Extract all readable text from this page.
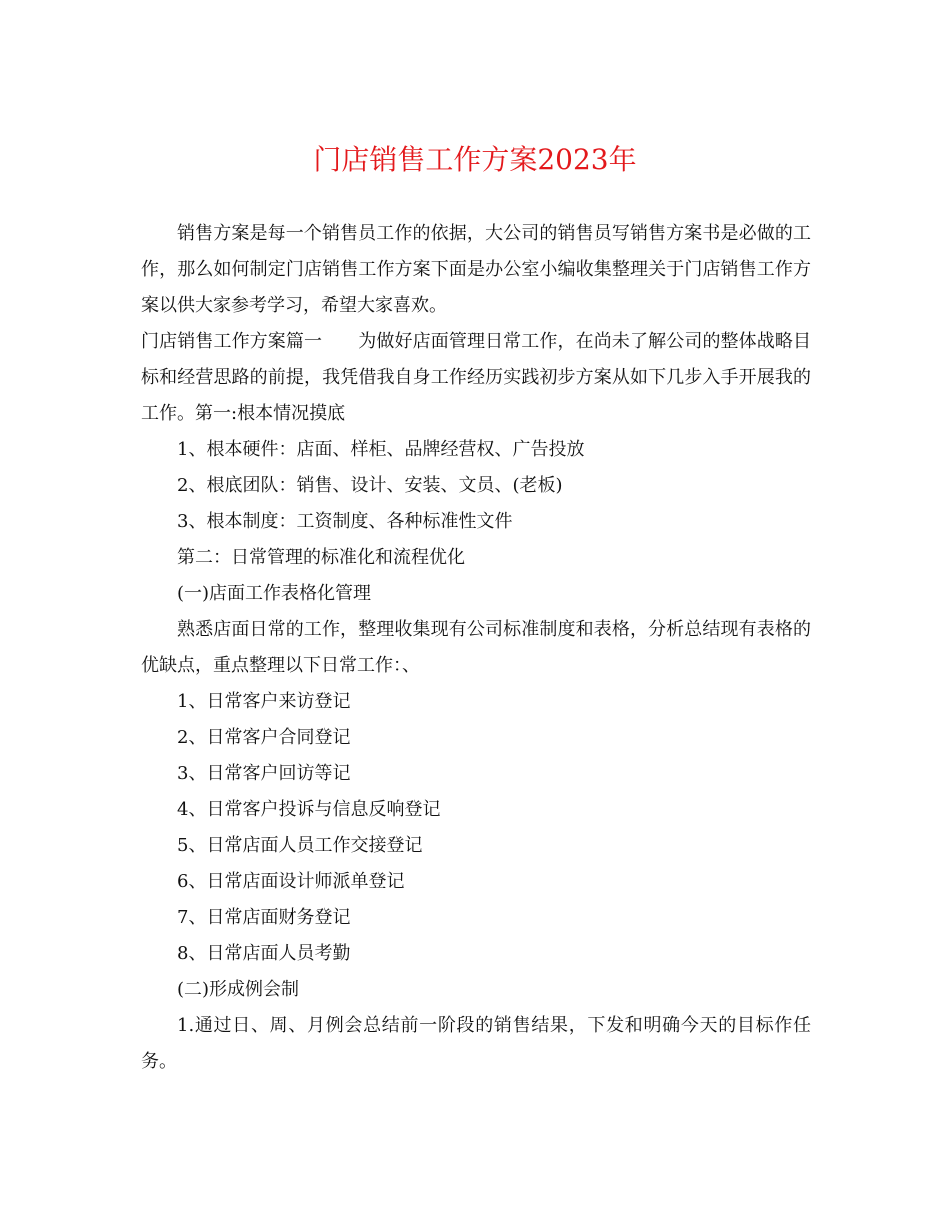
门店销售工作方案2023年

销售方案是每一个销售员工作的依据，大公司的销售员写销售方案书是必做的工作，那么如何制定门店销售工作方案下面是办公室小编收集整理关于门店销售工作方案以供大家参考学习，希望大家喜欢。

门店销售工作方案篇一 为做好店面管理日常工作，在尚未了解公司的整体战略目标和经营思路的前提，我凭借我自身工作经历实践初步方案从如下几步入手开展我的工作。第一:根本情况摸底

1、根本硬件：店面、样柜、品牌经营权、广告投放

2、根底团队：销售、设计、安装、文员、(老板)

3、根本制度：工资制度、各种标准性文件

第二：日常管理的标准化和流程优化

(一)店面工作表格化管理

熟悉店面日常的工作，整理收集现有公司标准制度和表格，分析总结现有表格的优缺点，重点整理以下日常工作：、

1、日常客户来访登记

2、日常客户合同登记

3、日常客户回访等记

4、日常客户投诉与信息反响登记

5、日常店面人员工作交接登记

6、日常店面设计师派单登记

7、日常店面财务登记

8、日常店面人员考勤

(二)形成例会制

1.通过日、周、月例会总结前一阶段的销售结果，下发和明确今天的目标作任务。
